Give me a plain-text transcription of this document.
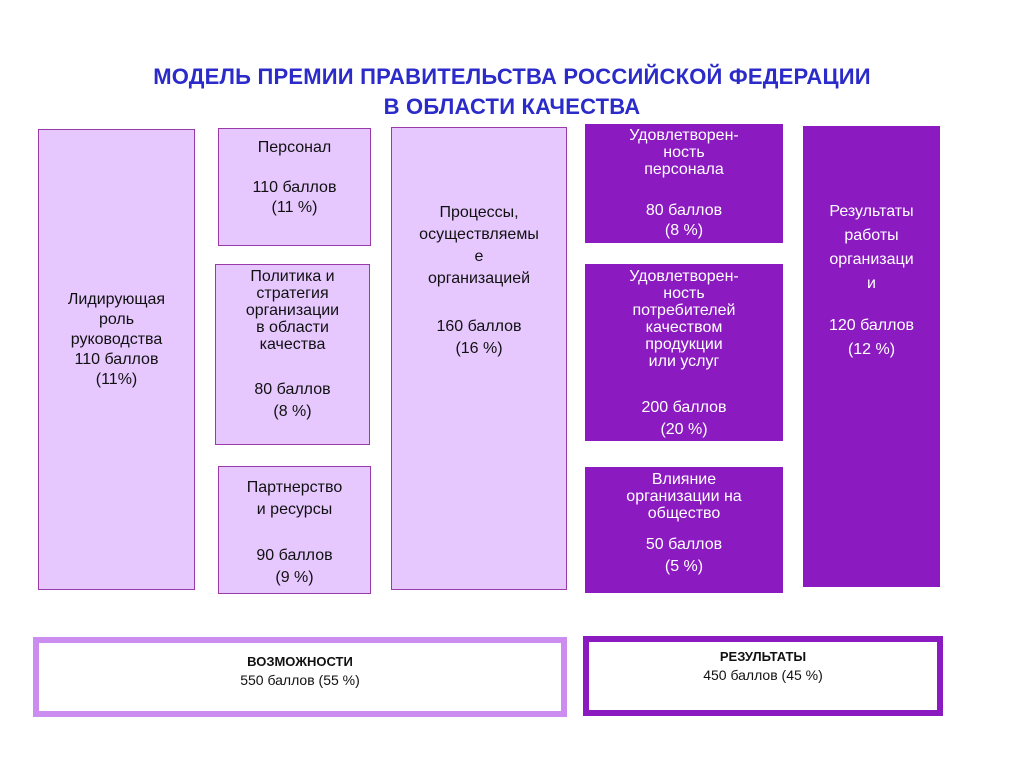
МОДЕЛЬ ПРЕМИИ ПРАВИТЕЛЬСТВА РОССИЙСКОЙ ФЕДЕРАЦИИ
В ОБЛАСТИ КАЧЕСТВА
Лидирующая
роль
руководства
110 баллов
(11%)
Персонал
110 баллов
(11 %)
Политика и
стратегия
организации
в области
качества
80 баллов
(8 %)
Партнерство
и ресурсы
90 баллов
(9 %)
Процессы,
осуществляемы
е
организацией
160 баллов
(16 %)
Удовлетворен-
ность
персонала
80 баллов
(8 %)
Удовлетворен-
ность
потребителей
качеством
продукции
или услуг
200 баллов
(20 %)
Влияние
организации на
общество
50 баллов
(5 %)
Результаты
работы
организаци
и
120 баллов
(12 %)
ВОЗМОЖНОСТИ
550 баллов (55 %)
РЕЗУЛЬТАТЫ
450 баллов (45 %)
